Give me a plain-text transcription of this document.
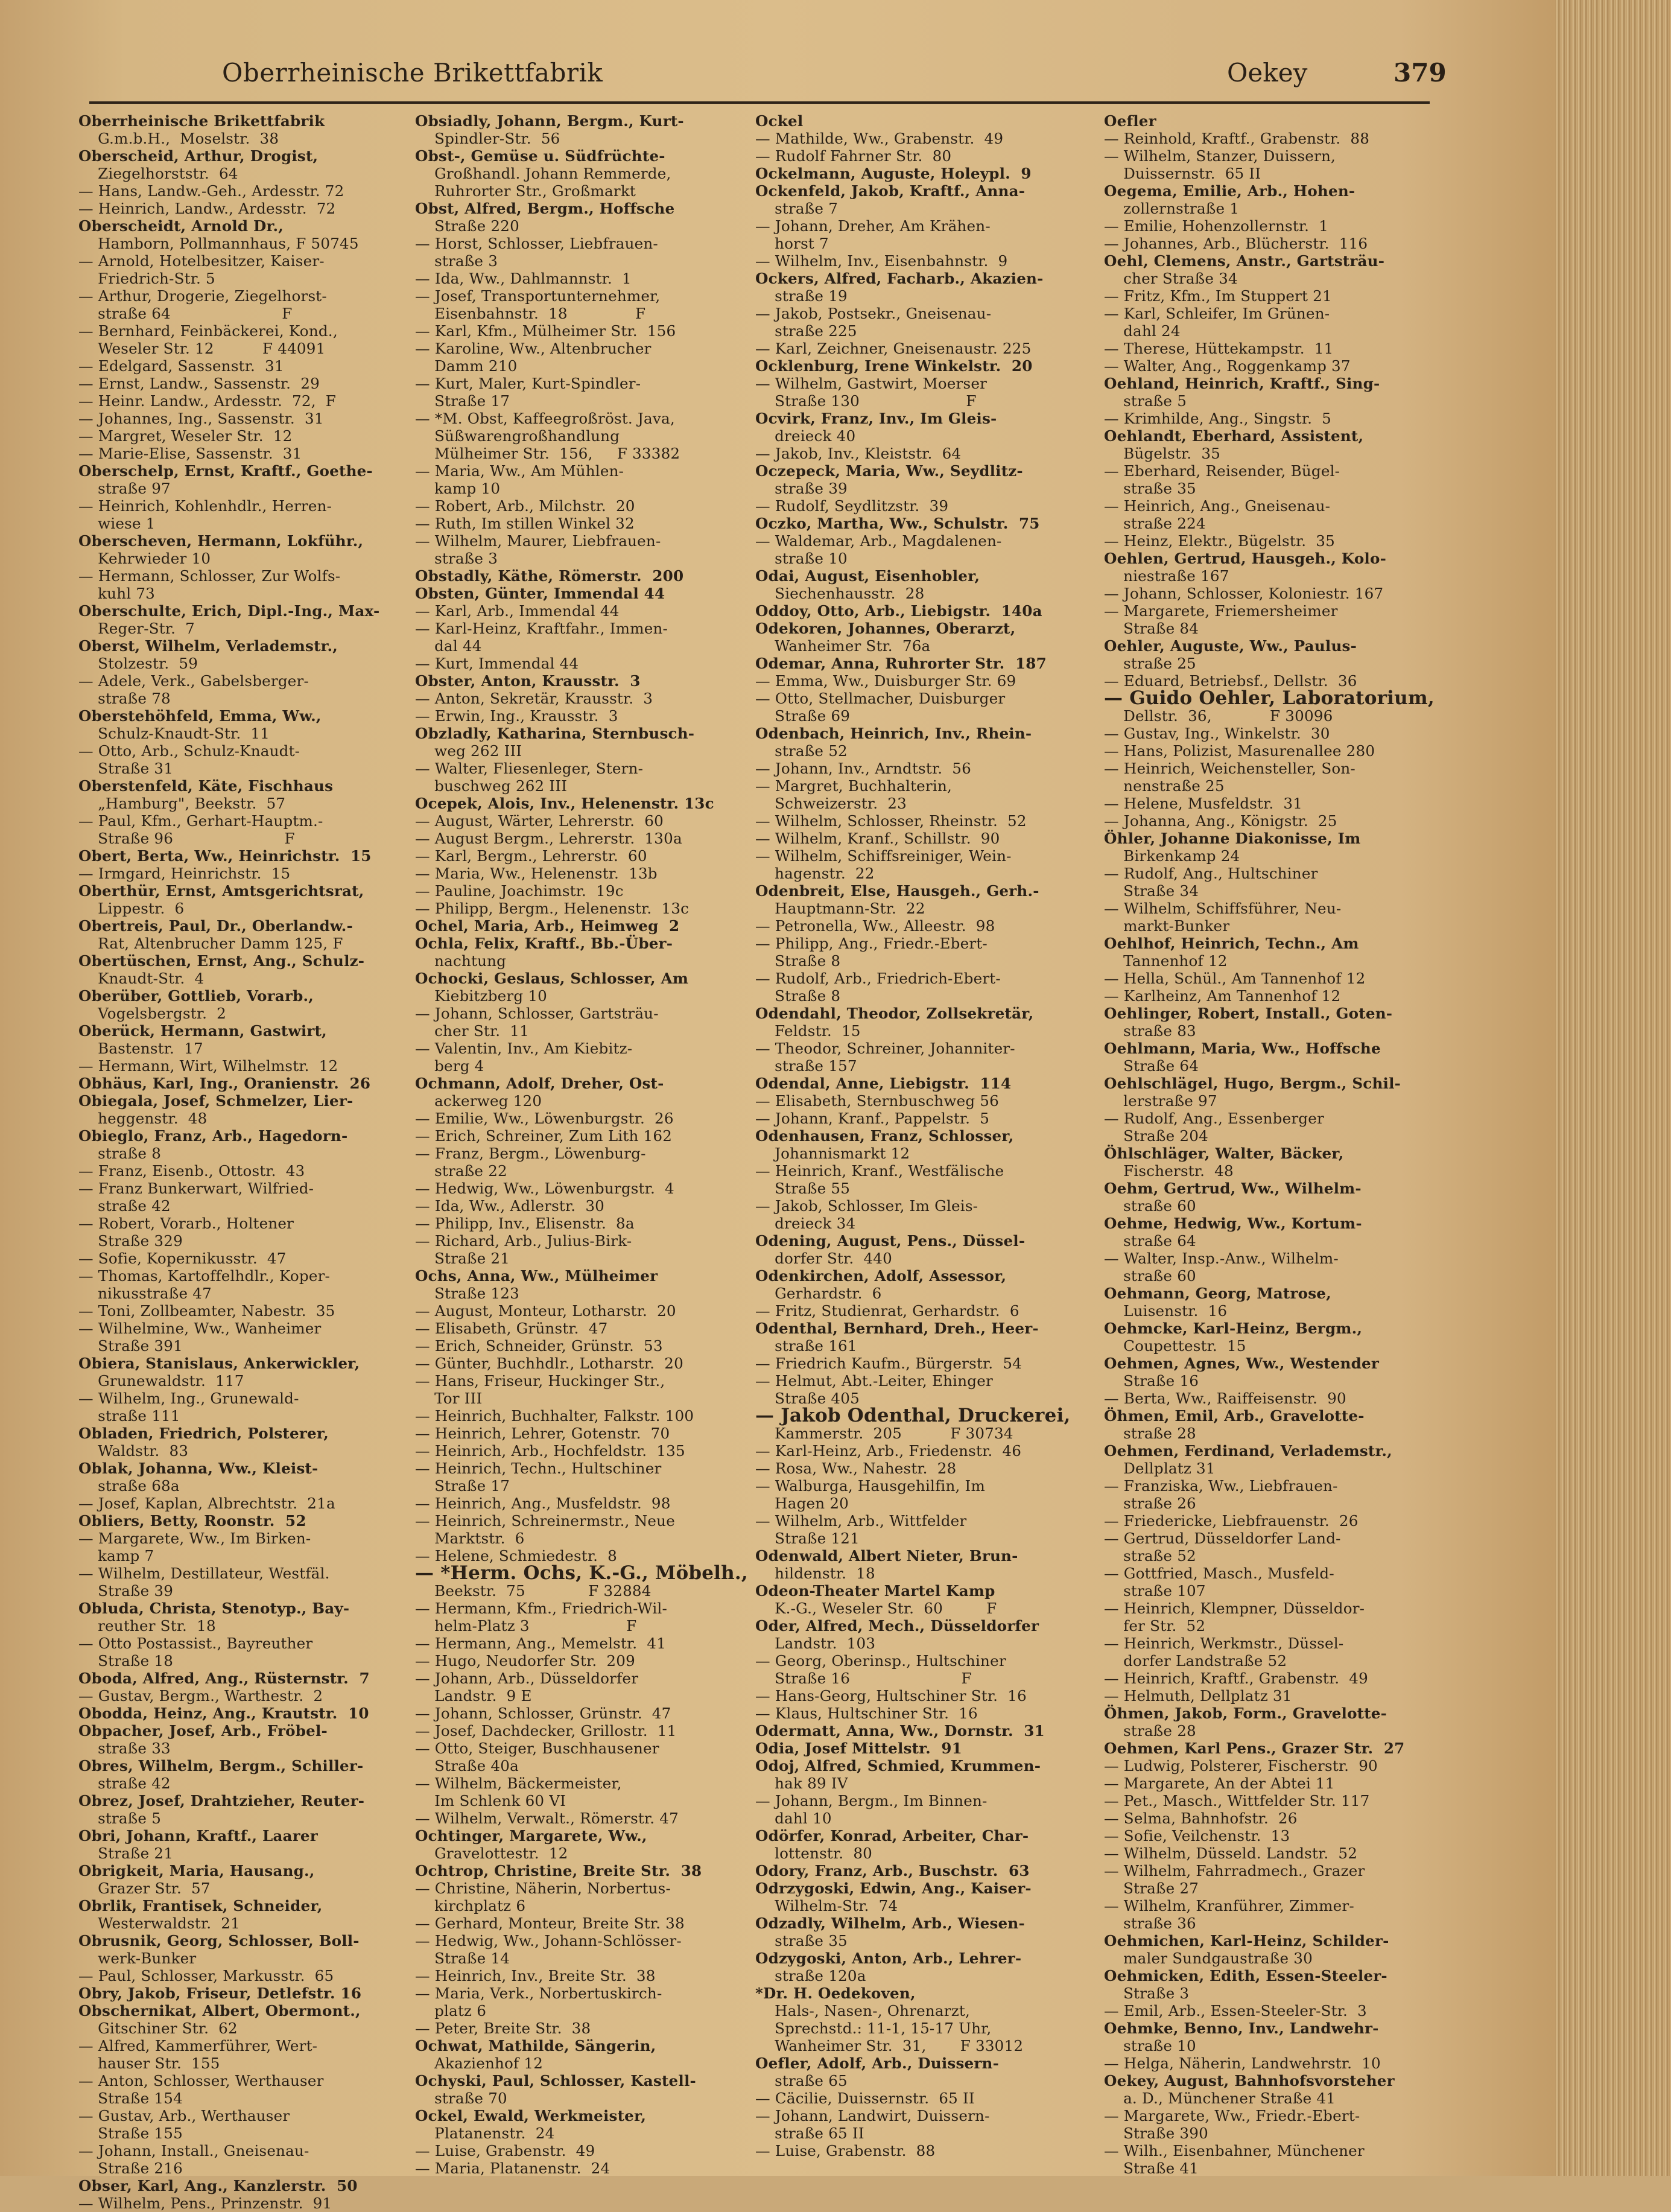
Oberrheinische Brikettfabrik	Oekey	379
Oberrheinische Brikettfabrik
G.m.b.H.,  Moselstr.  38
Oberscheid, Arthur, Drogist,
Ziegelhorststr.  64
— Hans, Landw.-Geh., Ardesstr. 72
— Heinrich, Landw., Ardesstr.  72
Oberscheidt, Arnold Dr.,
Hamborn, Pollmannhaus, F 50745
— Arnold, Hotelbesitzer, Kaiser-
Friedrich-Str. 5
— Arthur, Drogerie, Ziegelhorst-
straße 64                       F
— Bernhard, Feinbäckerei, Kond.,
Weseler Str. 12          F 44091
— Edelgard, Sassenstr.  31
— Ernst, Landw., Sassenstr.  29
— Heinr. Landw., Ardesstr.  72,  F
— Johannes, Ing., Sassenstr.  31
— Margret, Weseler Str.  12
— Marie-Elise, Sassenstr.  31
Oberschelp, Ernst, Kraftf., Goethe-
straße 97
— Heinrich, Kohlenhdlr., Herren-
wiese 1
Oberscheven, Hermann, Lokführ.,
Kehrwieder 10
— Hermann, Schlosser, Zur Wolfs-
kuhl 73
Oberschulte, Erich, Dipl.-Ing., Max-
Reger-Str.  7
Oberst, Wilhelm, Verlademstr.,
Stolzestr.  59
— Adele, Verk., Gabelsberger-
straße 78
Oberstehöhfeld, Emma, Ww.,
Schulz-Knaudt-Str.  11
— Otto, Arb., Schulz-Knaudt-
Straße 31
Oberstenfeld, Käte, Fischhaus
„Hamburg", Beekstr.  57
— Paul, Kfm., Gerhart-Hauptm.-
Straße 96                       F
Obert, Berta, Ww., Heinrichstr.  15
— Irmgard, Heinrichstr.  15
Oberthür, Ernst, Amtsgerichtsrat,
Lippestr.  6
Obertreis, Paul, Dr., Oberlandw.-
Rat, Altenbrucher Damm 125, F
Obertüschen, Ernst, Ang., Schulz-
Knaudt-Str.  4
Oberüber, Gottlieb, Vorarb.,
Vogelsbergstr.  2
Oberück, Hermann, Gastwirt,
Bastenstr.  17
— Hermann, Wirt, Wilhelmstr.  12
Obhäus, Karl, Ing., Oranienstr.  26
Obiegala, Josef, Schmelzer, Lier-
heggenstr.  48
Obieglo, Franz, Arb., Hagedorn-
straße 8
— Franz, Eisenb., Ottostr.  43
— Franz Bunkerwart, Wilfried-
straße 42
— Robert, Vorarb., Holtener
Straße 329
— Sofie, Kopernikusstr.  47
— Thomas, Kartoffelhdlr., Koper-
nikusstraße 47
— Toni, Zollbeamter, Nabestr.  35
— Wilhelmine, Ww., Wanheimer
Straße 391
Obiera, Stanislaus, Ankerwickler,
Grunewaldstr.  117
— Wilhelm, Ing., Grunewald-
straße 111
Obladen, Friedrich, Polsterer,
Waldstr.  83
Oblak, Johanna, Ww., Kleist-
straße 68a
— Josef, Kaplan, Albrechtstr.  21a
Obliers, Betty, Roonstr.  52
— Margarete, Ww., Im Birken-
kamp 7
— Wilhelm, Destillateur, Westfäl.
Straße 39
Obluda, Christa, Stenotyp., Bay-
reuther Str.  18
— Otto Postassist., Bayreuther
Straße 18
Oboda, Alfred, Ang., Rüsternstr.  7
— Gustav, Bergm., Warthestr.  2
Obodda, Heinz, Ang., Krautstr.  10
Obpacher, Josef, Arb., Fröbel-
straße 33
Obres, Wilhelm, Bergm., Schiller-
straße 42
Obrez, Josef, Drahtzieher, Reuter-
straße 5
Obri, Johann, Kraftf., Laarer
Straße 21
Obrigkeit, Maria, Hausang.,
Grazer Str.  57
Obrlik, Frantisek, Schneider,
Westerwaldstr.  21
Obrusnik, Georg, Schlosser, Boll-
werk-Bunker
— Paul, Schlosser, Markusstr.  65
Obry, Jakob, Friseur, Detlefstr. 16
Obschernikat, Albert, Obermont.,
Gitschiner Str.  62
— Alfred, Kammerführer, Wert-
hauser Str.  155
— Anton, Schlosser, Werthauser
Straße 154
— Gustav, Arb., Werthauser
Straße 155
— Johann, Install., Gneisenau-
Straße 216
Obser, Karl, Ang., Kanzlerstr.  50
— Wilhelm, Pens., Prinzenstr.  91
Obsiadly, Johann, Bergm., Kurt-
Spindler-Str.  56
Obst-, Gemüse u. Südfrüchte-
Großhandl. Johann Remmerde,
Ruhrorter Str., Großmarkt
Obst, Alfred, Bergm., Hoffsche
Straße 220
— Horst, Schlosser, Liebfrauen-
straße 3
— Ida, Ww., Dahlmannstr.  1
— Josef, Transportunternehmer,
Eisenbahnstr.  18              F
— Karl, Kfm., Mülheimer Str.  156
— Karoline, Ww., Altenbrucher
Damm 210
— Kurt, Maler, Kurt-Spindler-
Straße 17
— *M. Obst, Kaffeegroßröst. Java,
Süßwarengroßhandlung
Mülheimer Str.  156,     F 33382
— Maria, Ww., Am Mühlen-
kamp 10
— Robert, Arb., Milchstr.  20
— Ruth, Im stillen Winkel 32
— Wilhelm, Maurer, Liebfrauen-
straße 3
Obstadly, Käthe, Römerstr.  200
Obsten, Günter, Immendal 44
— Karl, Arb., Immendal 44
— Karl-Heinz, Kraftfahr., Immen-
dal 44
— Kurt, Immendal 44
Obster, Anton, Krausstr.  3
— Anton, Sekretär, Krausstr.  3
— Erwin, Ing., Krausstr.  3
Obzladly, Katharina, Sternbusch-
weg 262 III
— Walter, Fliesenleger, Stern-
buschweg 262 III
Ocepek, Alois, Inv., Helenenstr. 13c
— August, Wärter, Lehrerstr.  60
— August Bergm., Lehrerstr.  130a
— Karl, Bergm., Lehrerstr.  60
— Maria, Ww., Helenenstr.  13b
— Pauline, Joachimstr.  19c
— Philipp, Bergm., Helenenstr.  13c
Ochel, Maria, Arb., Heimweg  2
Ochla, Felix, Kraftf., Bb.-Über-
nachtung
Ochocki, Geslaus, Schlosser, Am
Kiebitzberg 10
— Johann, Schlosser, Gartsträu-
cher Str.  11
— Valentin, Inv., Am Kiebitz-
berg 4
Ochmann, Adolf, Dreher, Ost-
ackerweg 120
— Emilie, Ww., Löwenburgstr.  26
— Erich, Schreiner, Zum Lith 162
— Franz, Bergm., Löwenburg-
straße 22
— Hedwig, Ww., Löwenburgstr.  4
— Ida, Ww., Adlerstr.  30
— Philipp, Inv., Elisenstr.  8a
— Richard, Arb., Julius-Birk-
Straße 21
Ochs, Anna, Ww., Mülheimer
Straße 123
— August, Monteur, Lotharstr.  20
— Elisabeth, Grünstr.  47
— Erich, Schneider, Grünstr.  53
— Günter, Buchhdlr., Lotharstr.  20
— Hans, Friseur, Huckinger Str.,
Tor III
— Heinrich, Buchhalter, Falkstr. 100
— Heinrich, Lehrer, Gotenstr.  70
— Heinrich, Arb., Hochfeldstr.  135
— Heinrich, Techn., Hultschiner
Straße 17
— Heinrich, Ang., Musfeldstr.  98
— Heinrich, Schreinermstr., Neue
Marktstr.  6
— Helene, Schmiedestr.  8
— *Herm. Ochs, K.-G., Möbelh.,
Beekstr.  75             F 32884
— Hermann, Kfm., Friedrich-Wil-
helm-Platz 3                    F
— Hermann, Ang., Memelstr.  41
— Hugo, Neudorfer Str.  209
— Johann, Arb., Düsseldorfer
Landstr.  9 E
— Johann, Schlosser, Grünstr.  47
— Josef, Dachdecker, Grillostr.  11
— Otto, Steiger, Buschhausener
Straße 40a
— Wilhelm, Bäckermeister,
Im Schlenk 60 VI
— Wilhelm, Verwalt., Römerstr. 47
Ochtinger, Margarete, Ww.,
Gravelottestr.  12
Ochtrop, Christine, Breite Str.  38
— Christine, Näherin, Norbertus-
kirchplatz 6
— Gerhard, Monteur, Breite Str. 38
— Hedwig, Ww., Johann-Schlösser-
Straße 14
— Heinrich, Inv., Breite Str.  38
— Maria, Verk., Norbertuskirch-
platz 6
— Peter, Breite Str.  38
Ochwat, Mathilde, Sängerin,
Akazienhof 12
Ochyski, Paul, Schlosser, Kastell-
straße 70
Ockel, Ewald, Werkmeister,
Platanenstr.  24
— Luise, Grabenstr.  49
— Maria, Platanenstr.  24
Ockel
— Mathilde, Ww., Grabenstr.  49
— Rudolf Fahrner Str.  80
Ockelmann, Auguste, Holeypl.  9
Ockenfeld, Jakob, Kraftf., Anna-
straße 7
— Johann, Dreher, Am Krähen-
horst 7
— Wilhelm, Inv., Eisenbahnstr.  9
Ockers, Alfred, Facharb., Akazien-
straße 19
— Jakob, Postsekr., Gneisenau-
straße 225
— Karl, Zeichner, Gneisenaustr. 225
Ocklenburg, Irene Winkelstr.  20
— Wilhelm, Gastwirt, Moerser
Straße 130                      F
Ocvirk, Franz, Inv., Im Gleis-
dreieck 40
— Jakob, Inv., Kleiststr.  64
Oczepeck, Maria, Ww., Seydlitz-
straße 39
— Rudolf, Seydlitzstr.  39
Oczko, Martha, Ww., Schulstr.  75
— Waldemar, Arb., Magdalenen-
straße 10
Odai, August, Eisenhobler,
Siechenhausstr.  28
Oddoy, Otto, Arb., Liebigstr.  140a
Odekoren, Johannes, Oberarzt,
Wanheimer Str.  76a
Odemar, Anna, Ruhrorter Str.  187
— Emma, Ww., Duisburger Str. 69
— Otto, Stellmacher, Duisburger
Straße 69
Odenbach, Heinrich, Inv., Rhein-
straße 52
— Johann, Inv., Arndtstr.  56
— Margret, Buchhalterin,
Schweizerstr.  23
— Wilhelm, Schlosser, Rheinstr.  52
— Wilhelm, Kranf., Schillstr.  90
— Wilhelm, Schiffsreiniger, Wein-
hagenstr.  22
Odenbreit, Else, Hausgeh., Gerh.-
Hauptmann-Str.  22
— Petronella, Ww., Alleestr.  98
— Philipp, Ang., Friedr.-Ebert-
Straße 8
— Rudolf, Arb., Friedrich-Ebert-
Straße 8
Odendahl, Theodor, Zollsekretär,
Feldstr.  15
— Theodor, Schreiner, Johanniter-
straße 157
Odendal, Anne, Liebigstr.  114
— Elisabeth, Sternbuschweg 56
— Johann, Kranf., Pappelstr.  5
Odenhausen, Franz, Schlosser,
Johannismarkt 12
— Heinrich, Kranf., Westfälische
Straße 55
— Jakob, Schlosser, Im Gleis-
dreieck 34
Odening, August, Pens., Düssel-
dorfer Str.  440
Odenkirchen, Adolf, Assessor,
Gerhardstr.  6
— Fritz, Studienrat, Gerhardstr.  6
Odenthal, Bernhard, Dreh., Heer-
straße 161
— Friedrich Kaufm., Bürgerstr.  54
— Helmut, Abt.-Leiter, Ehinger
Straße 405
— Jakob Odenthal, Druckerei,
Kammerstr.  205          F 30734
— Karl-Heinz, Arb., Friedenstr.  46
— Rosa, Ww., Nahestr.  28
— Walburga, Hausgehilfin, Im
Hagen 20
— Wilhelm, Arb., Wittfelder
Straße 121
Odenwald, Albert Nieter, Brun-
hildenstr.  18
Odeon-Theater Martel Kamp
K.-G., Weseler Str.  60         F
Oder, Alfred, Mech., Düsseldorfer
Landstr.  103
— Georg, Oberinsp., Hultschiner
Straße 16                       F
— Hans-Georg, Hultschiner Str.  16
— Klaus, Hultschiner Str.  16
Odermatt, Anna, Ww., Dornstr.  31
Odia, Josef Mittelstr.  91
Odoj, Alfred, Schmied, Krummen-
hak 89 IV
— Johann, Bergm., Im Binnen-
dahl 10
Odörfer, Konrad, Arbeiter, Char-
lottenstr.  80
Odory, Franz, Arb., Buschstr.  63
Odrzygoski, Edwin, Ang., Kaiser-
Wilhelm-Str.  74
Odzadly, Wilhelm, Arb., Wiesen-
straße 35
Odzygoski, Anton, Arb., Lehrer-
straße 120a
*Dr. H. Oedekoven,
Hals-, Nasen-, Ohrenarzt,
Sprechstd.: 11-1, 15-17 Uhr,
Wanheimer Str.  31,       F 33012
Oefler, Adolf, Arb., Duissern-
straße 65
— Cäcilie, Duissernstr.  65 II
— Johann, Landwirt, Duissern-
straße 65 II
— Luise, Grabenstr.  88
Oefler
— Reinhold, Kraftf., Grabenstr.  88
— Wilhelm, Stanzer, Duissern,
Duissernstr.  65 II
Oegema, Emilie, Arb., Hohen-
zollernstraße 1
— Emilie, Hohenzollernstr.  1
— Johannes, Arb., Blücherstr.  116
Oehl, Clemens, Anstr., Gartsträu-
cher Straße 34
— Fritz, Kfm., Im Stuppert 21
— Karl, Schleifer, Im Grünen-
dahl 24
— Therese, Hüttekampstr.  11
— Walter, Ang., Roggenkamp 37
Oehland, Heinrich, Kraftf., Sing-
straße 5
— Krimhilde, Ang., Singstr.  5
Oehlandt, Eberhard, Assistent,
Bügelstr.  35
— Eberhard, Reisender, Bügel-
straße 35
— Heinrich, Ang., Gneisenau-
straße 224
— Heinz, Elektr., Bügelstr.  35
Oehlen, Gertrud, Hausgeh., Kolo-
niestraße 167
— Johann, Schlosser, Koloniestr. 167
— Margarete, Friemersheimer
Straße 84
Oehler, Auguste, Ww., Paulus-
straße 25
— Eduard, Betriebsf., Dellstr.  36
— Guido Oehler, Laboratorium,
Dellstr.  36,            F 30096
— Gustav, Ing., Winkelstr.  30
— Hans, Polizist, Masurenallee 280
— Heinrich, Weichensteller, Son-
nenstraße 25
— Helene, Musfeldstr.  31
— Johanna, Ang., Königstr.  25
Öhler, Johanne Diakonisse, Im
Birkenkamp 24
— Rudolf, Ang., Hultschiner
Straße 34
— Wilhelm, Schiffsführer, Neu-
markt-Bunker
Oehlhof, Heinrich, Techn., Am
Tannenhof 12
— Hella, Schül., Am Tannenhof 12
— Karlheinz, Am Tannenhof 12
Oehlinger, Robert, Install., Goten-
straße 83
Oehlmann, Maria, Ww., Hoffsche
Straße 64
Oehlschlägel, Hugo, Bergm., Schil-
lerstraße 97
— Rudolf, Ang., Essenberger
Straße 204
Öhlschläger, Walter, Bäcker,
Fischerstr.  48
Oehm, Gertrud, Ww., Wilhelm-
straße 60
Oehme, Hedwig, Ww., Kortum-
straße 64
— Walter, Insp.-Anw., Wilhelm-
straße 60
Oehmann, Georg, Matrose,
Luisenstr.  16
Oehmcke, Karl-Heinz, Bergm.,
Coupettestr.  15
Oehmen, Agnes, Ww., Westender
Straße 16
— Berta, Ww., Raiffeisenstr.  90
Öhmen, Emil, Arb., Gravelotte-
straße 28
Oehmen, Ferdinand, Verlademstr.,
Dellplatz 31
— Franziska, Ww., Liebfrauen-
straße 26
— Friedericke, Liebfrauenstr.  26
— Gertrud, Düsseldorfer Land-
straße 52
— Gottfried, Masch., Musfeld-
straße 107
— Heinrich, Klempner, Düsseldor-
fer Str.  52
— Heinrich, Werkmstr., Düssel-
dorfer Landstraße 52
— Heinrich, Kraftf., Grabenstr.  49
— Helmuth, Dellplatz 31
Öhmen, Jakob, Form., Gravelotte-
straße 28
Oehmen, Karl Pens., Grazer Str.  27
— Ludwig, Polsterer, Fischerstr.  90
— Margarete, An der Abtei 11
— Pet., Masch., Wittfelder Str. 117
— Selma, Bahnhofstr.  26
— Sofie, Veilchenstr.  13
— Wilhelm, Düsseld. Landstr.  52
— Wilhelm, Fahrradmech., Grazer
Straße 27
— Wilhelm, Kranführer, Zimmer-
straße 36
Oehmichen, Karl-Heinz, Schilder-
maler Sundgaustraße 30
Oehmicken, Edith, Essen-Steeler-
Straße 3
— Emil, Arb., Essen-Steeler-Str.  3
Oehmke, Benno, Inv., Landwehr-
straße 10
— Helga, Näherin, Landwehrstr.  10
Oekey, August, Bahnhofsvorsteher
a. D., Münchener Straße 41
— Margarete, Ww., Friedr.-Ebert-
Straße 390
— Wilh., Eisenbahner, Münchener
Straße 41
